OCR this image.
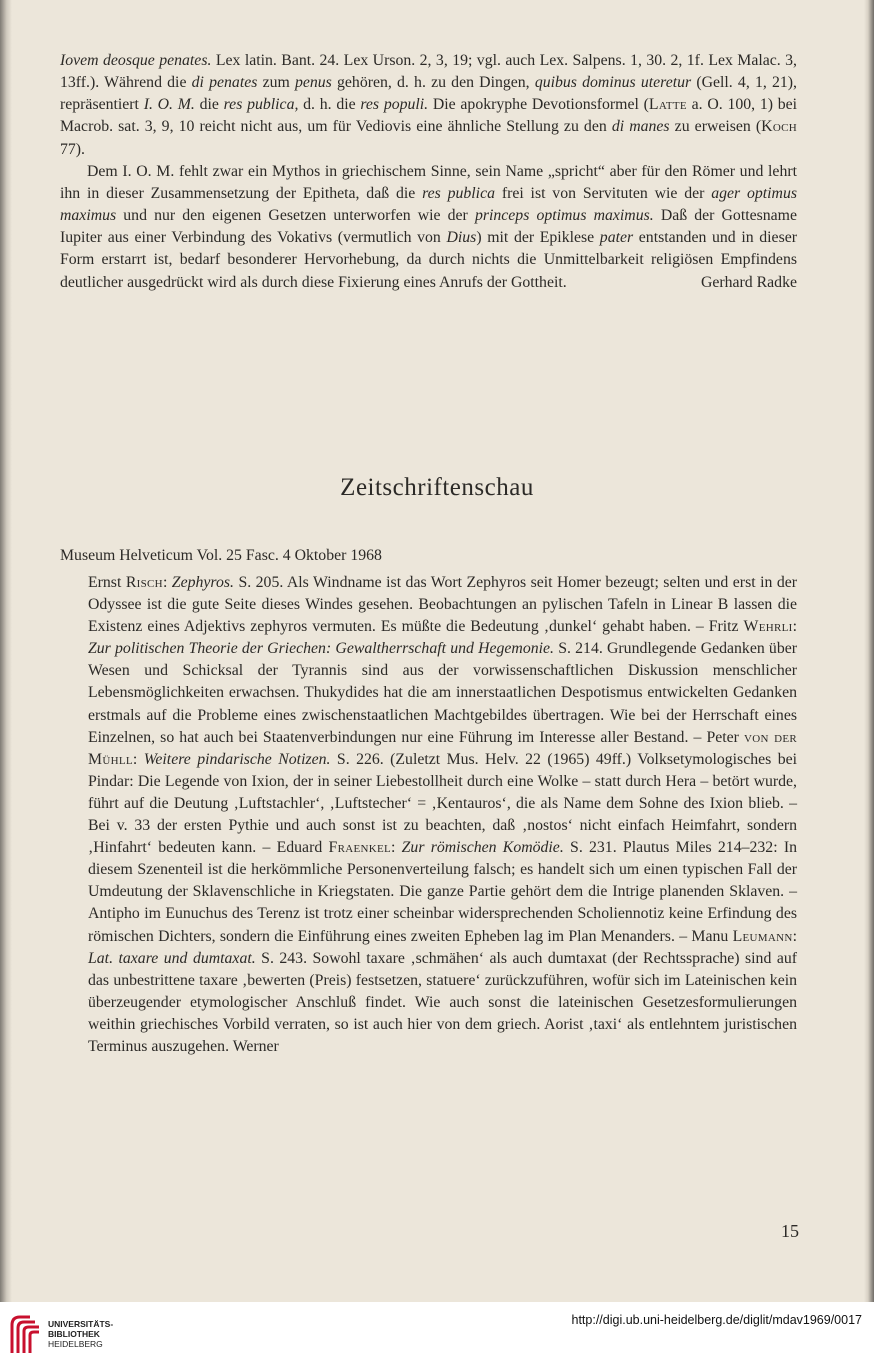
Iovem deosque penates. Lex latin. Bant. 24. Lex Urson. 2, 3, 19; vgl. auch Lex. Salpens. 1, 30. 2, 1f. Lex Malac. 3, 13ff.). Während die di penates zum penus gehören, d. h. zu den Dingen, quibus dominus uteretur (Gell. 4, 1, 21), repräsentiert I. O. M. die res publica, d. h. die res populi. Die apokryphe Devotionsformel (Latte a. O. 100, 1) bei Macrob. sat. 3, 9, 10 reicht nicht aus, um für Vediovis eine ähnliche Stellung zu den di manes zu erweisen (Koch 77).

Dem I. O. M. fehlt zwar ein Mythos in griechischem Sinne, sein Name „spricht“ aber für den Römer und lehrt ihn in dieser Zusammensetzung der Epitheta, daß die res publica frei ist von Servituten wie der ager optimus maximus und nur den eigenen Gesetzen unterworfen wie der princeps optimus maximus. Daß der Gottesname Iupiter aus einer Verbindung des Vokativs (vermutlich von Dius) mit der Epiklese pater entstanden und in dieser Form erstarrt ist, bedarf besonderer Hervorhebung, da durch nichts die Unmittelbarkeit religiösen Empfindens deutlicher ausgedrückt wird als durch diese Fixierung eines Anrufs der Gottheit.	Gerhard Radke

Zeitschriftenschau
Museum Helveticum Vol. 25 Fasc. 4 Oktober 1968

Ernst Risch: Zephyros. S. 205. Als Windname ist das Wort Zephyros seit Homer bezeugt; selten und erst in der Odyssee ist die gute Seite dieses Windes gesehen. Beobachtungen an pylischen Tafeln in Linear B lassen die Existenz eines Adjektivs zephyros vermuten. Es müßte die Bedeutung ‚dunkel‘ gehabt haben. – Fritz Wehrli: Zur politischen Theorie der Griechen: Gewaltherrschaft und Hegemonie. S. 214. Grundlegende Gedanken über Wesen und Schicksal der Tyrannis sind aus der vorwissenschaftlichen Diskussion menschlicher Lebensmöglichkeiten erwachsen. Thukydides hat die am innerstaatlichen Despotismus entwickelten Gedanken erstmals auf die Probleme eines zwischenstaatlichen Machtgebildes übertragen. Wie bei der Herrschaft eines Einzelnen, so hat auch bei Staatenverbindungen nur eine Führung im Interesse aller Bestand. – Peter von der Mühll: Weitere pindarische Notizen. S. 226. (Zuletzt Mus. Helv. 22 (1965) 49ff.) Volksetymologisches bei Pindar: Die Legende von Ixion, der in seiner Liebestollheit durch eine Wolke – statt durch Hera – betört wurde, führt auf die Deutung ‚Luftstachler‘, ‚Luftstecher‘ = ‚Kentauros‘, die als Name dem Sohne des Ixion blieb. – Bei v. 33 der ersten Pythie und auch sonst ist zu beachten, daß ‚nostos‘ nicht einfach Heimfahrt, sondern ‚Hinfahrt‘ bedeuten kann. – Eduard Fraenkel: Zur römischen Komödie. S. 231. Plautus Miles 214–232: In diesem Szenenteil ist die herkömmliche Personenverteilung falsch; es handelt sich um einen typischen Fall der Umdeutung der Sklavenschliche in Kriegstaten. Die ganze Partie gehört dem die Intrige planenden Sklaven. – Antipho im Eunuchus des Terenz ist trotz einer scheinbar widersprechenden Scholiennotiz keine Erfindung des römischen Dichters, sondern die Einführung eines zweiten Epheben lag im Plan Menanders. – Manu Leumann: Lat. taxare und dumtaxat. S. 243. Sowohl taxare ‚schmähen‘ als auch dumtaxat (der Rechtssprache) sind auf das unbestrittene taxare ‚bewerten (Preis) festsetzen, statuere‘ zurückzuführen, wofür sich im Lateinischen kein überzeugender etymologischer Anschluß findet. Wie auch sonst die lateinischen Gesetzesformulierungen weithin griechisches Vorbild verraten, so ist auch hier von dem griech. Aorist ‚taxi‘ als entlehntem juristischen Terminus auszugehen. Werner

15
UNIVERSITÄTS-
BIBLIOTHEK
HEIDELBERG
http://digi.ub.uni-heidelberg.de/diglit/mdav1969/0017
